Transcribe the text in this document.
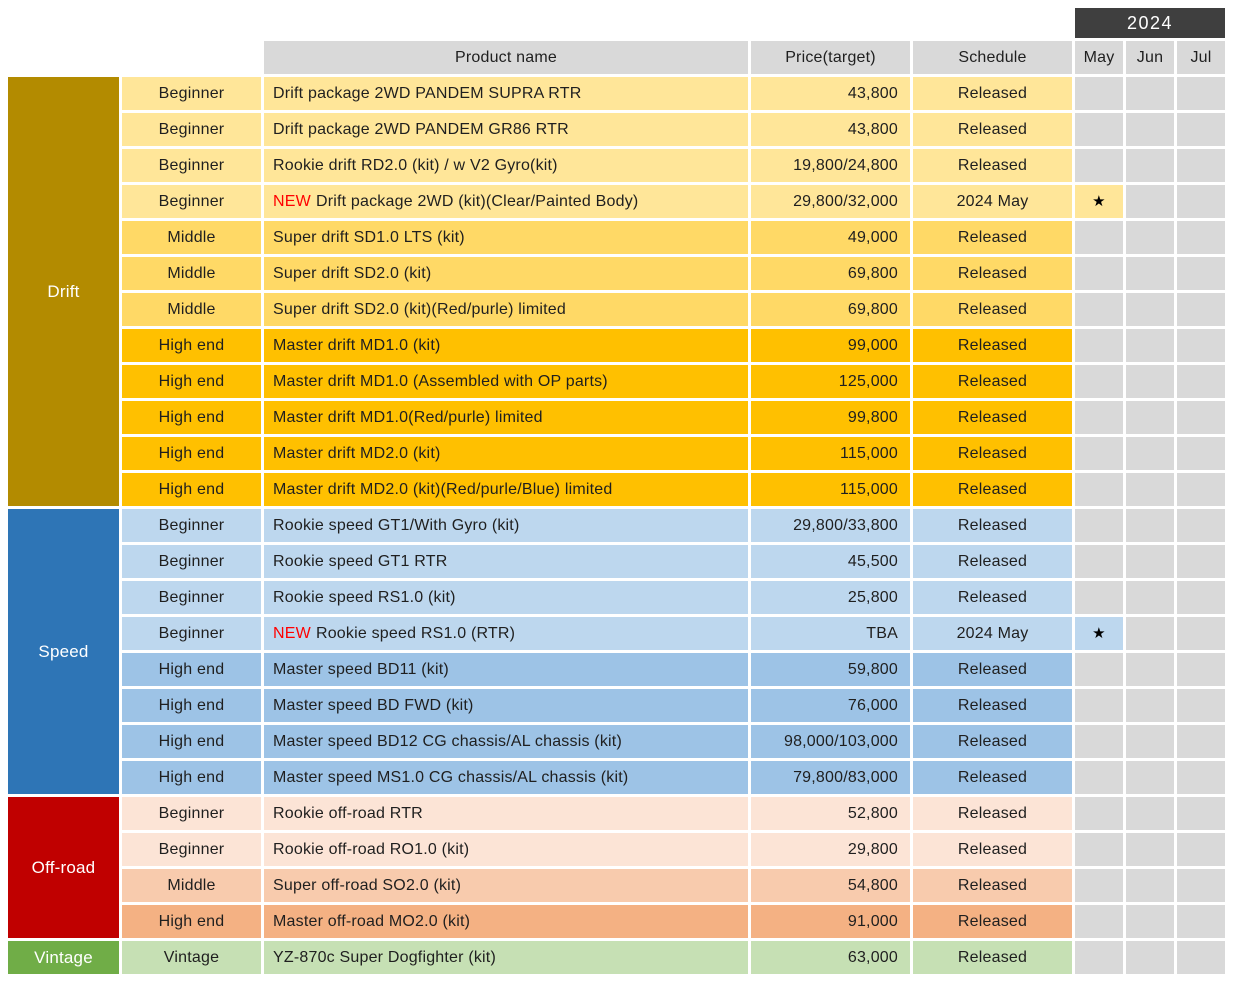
2024
Product name	Price(target)	Schedule	May	Jun	Jul
Drift
Beginner	Drift package 2WD PANDEM SUPRA RTR	43,800	Released
Beginner	Drift package 2WD PANDEM GR86 RTR	43,800	Released
Beginner	Rookie drift RD2.0 (kit) / w V2 Gyro(kit)	19,800/24,800	Released
Beginner	NEW Drift package 2WD (kit)(Clear/Painted Body)	29,800/32,000	2024 May	★
Middle	Super drift SD1.0 LTS (kit)	49,000	Released
Middle	Super drift SD2.0 (kit)	69,800	Released
Middle	Super drift SD2.0 (kit)(Red/purle) limited	69,800	Released
High end	Master drift MD1.0 (kit)	99,000	Released
High end	Master drift MD1.0 (Assembled with OP parts)	125,000	Released
High end	Master drift MD1.0(Red/purle) limited	99,800	Released
High end	Master drift MD2.0 (kit)	115,000	Released
High end	Master drift MD2.0 (kit)(Red/purle/Blue) limited	115,000	Released
Speed
Beginner	Rookie speed GT1/With Gyro (kit)	29,800/33,800	Released
Beginner	Rookie speed GT1 RTR	45,500	Released
Beginner	Rookie speed RS1.0 (kit)	25,800	Released
Beginner	NEW Rookie speed RS1.0 (RTR)	TBA	2024 May	★
High end	Master speed BD11 (kit)	59,800	Released
High end	Master speed BD FWD (kit)	76,000	Released
High end	Master speed BD12 CG chassis/AL chassis (kit)	98,000/103,000	Released
High end	Master speed MS1.0 CG chassis/AL chassis (kit)	79,800/83,000	Released
Off-road
Beginner	Rookie off-road RTR	52,800	Released
Beginner	Rookie off-road RO1.0 (kit)	29,800	Released
Middle	Super off-road SO2.0 (kit)	54,800	Released
High end	Master off-road MO2.0 (kit)	91,000	Released
Vintage	Vintage	YZ-870c Super Dogfighter (kit)	63,000	Released
